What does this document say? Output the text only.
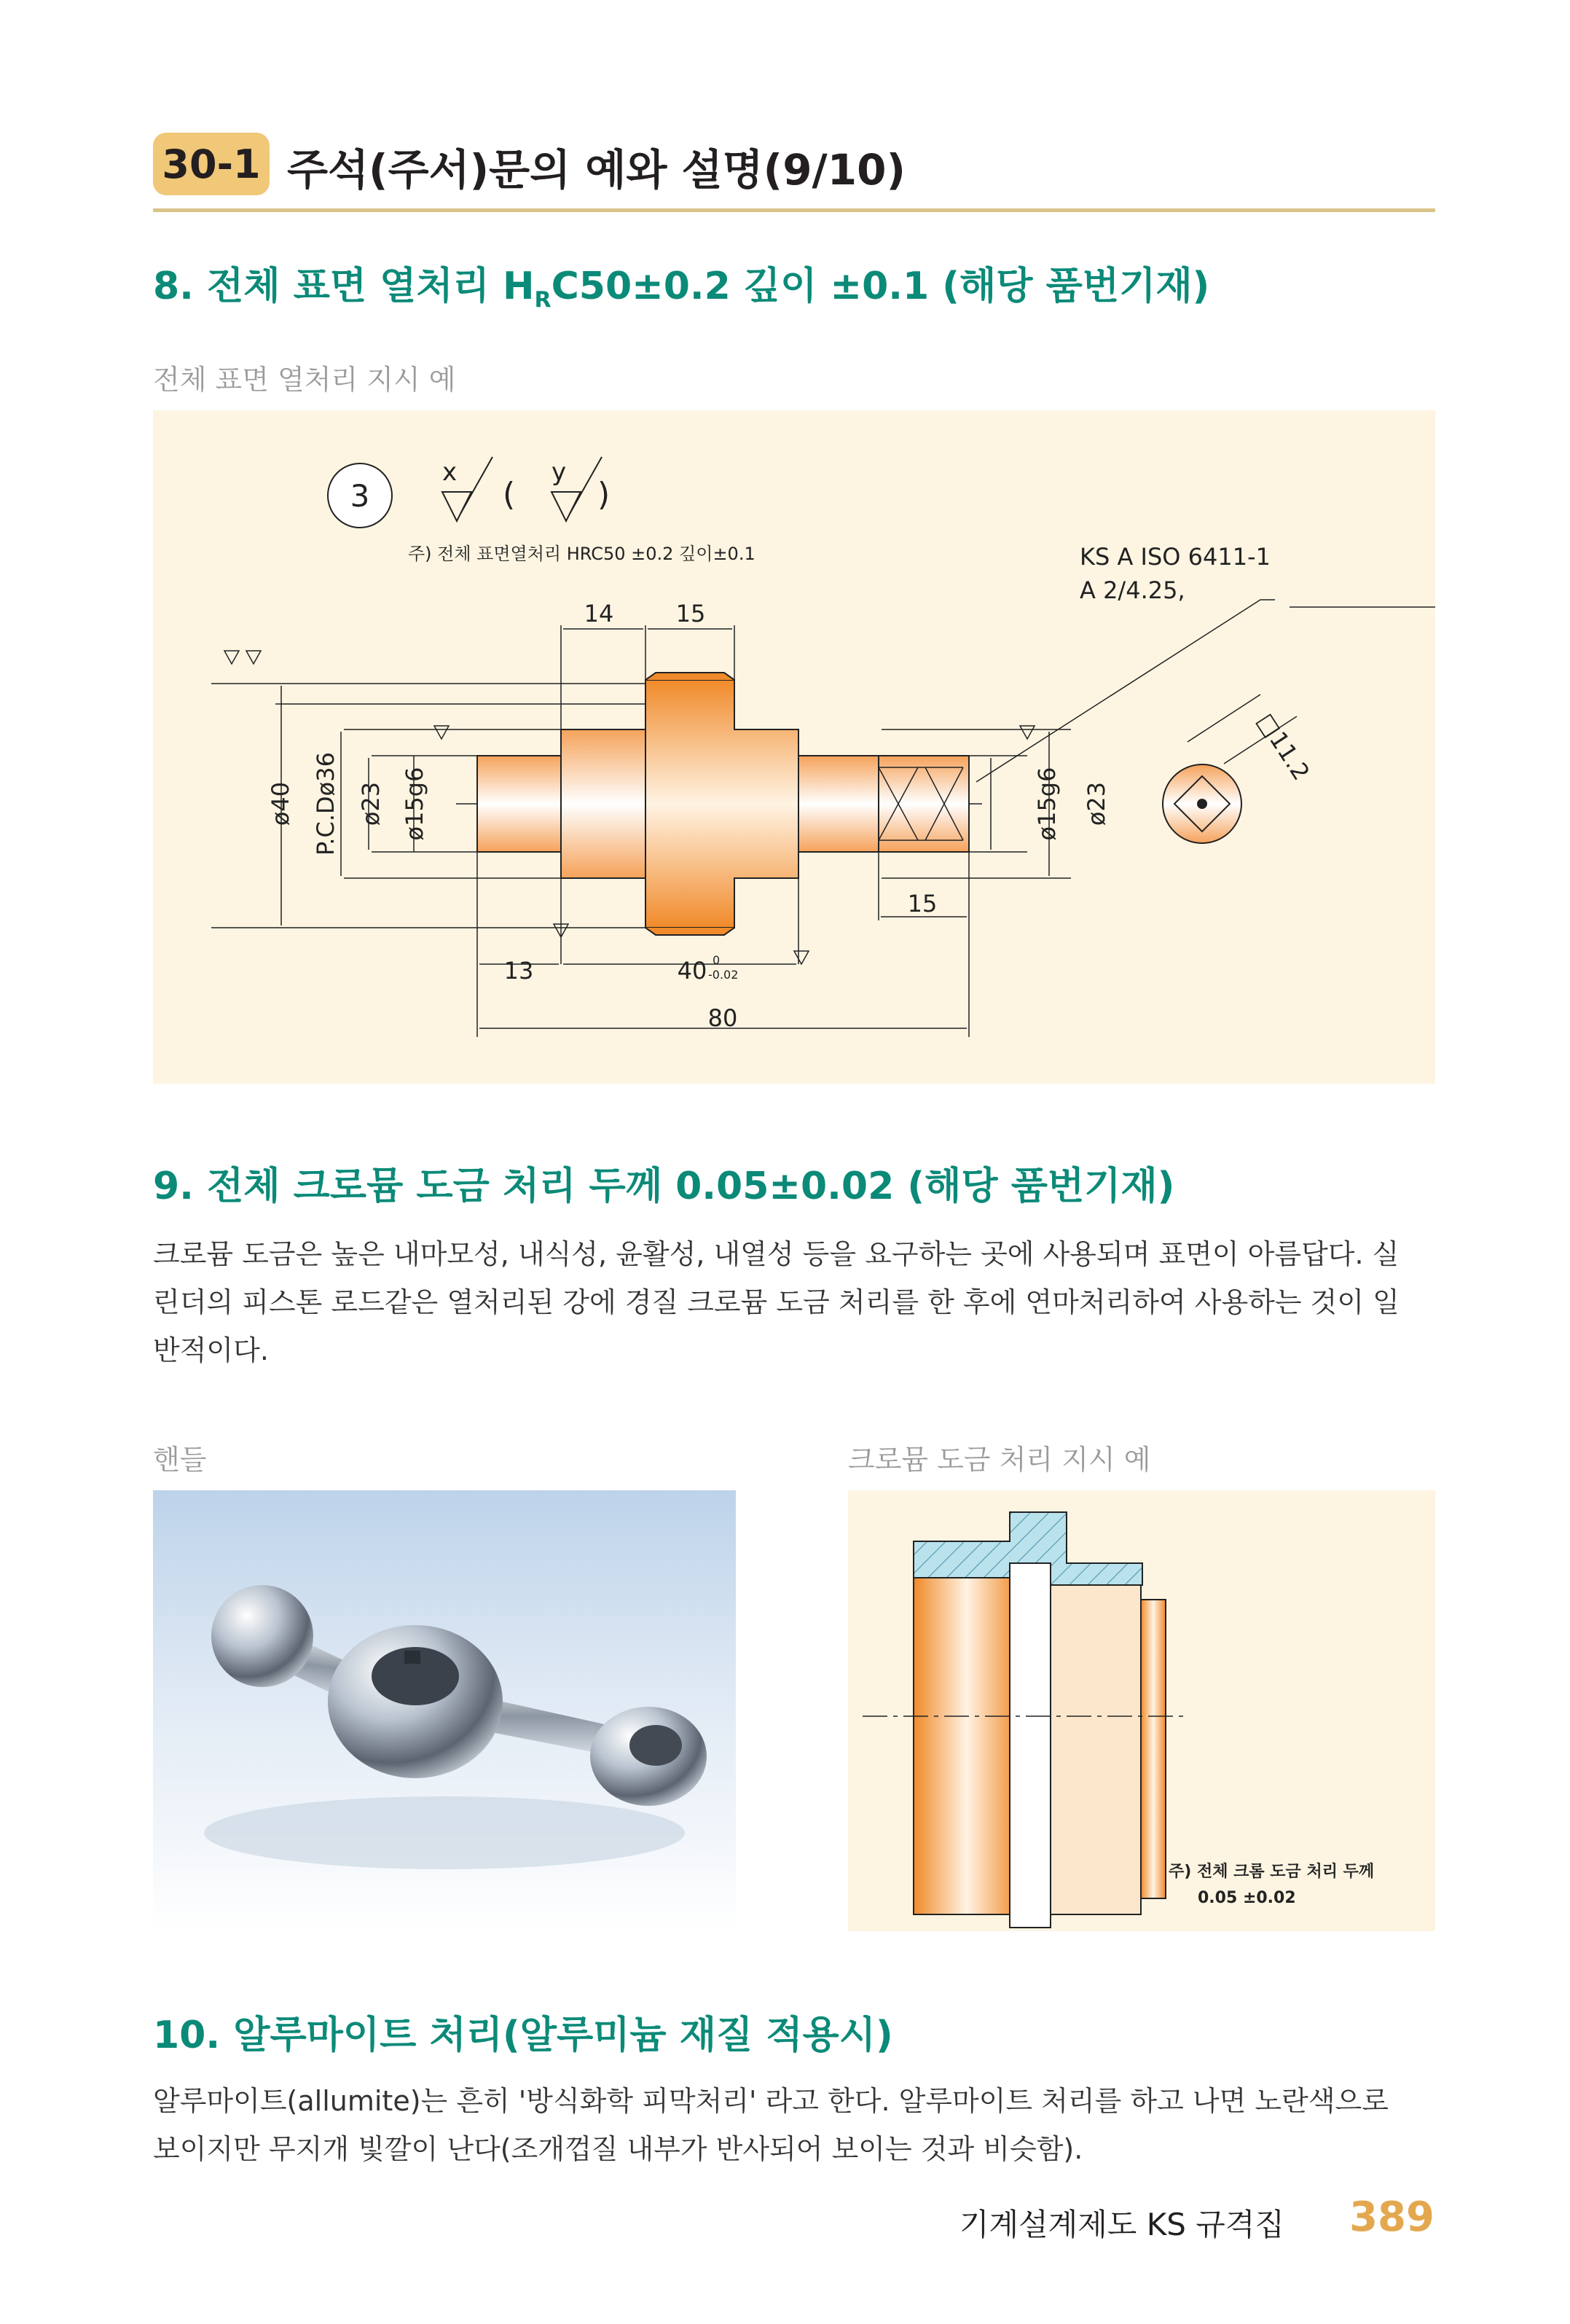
30-1 주석(주서)문의 예와 설명(9/10)
8. 전체 표면 열처리 $H_RC50\pm 0.2$ 깊이 ±0.1 (해당 품번기재)
전체 표면 열처리 지시 예
3
x
(
y
)
주) 전체 표면열처리 HRC50 ±0.2 깊이±0.1	KS A ISO 6411-1
A 2/4.25,
14	15
15
13	40 0
-0.02
80
ø40 P.C.Dø36 ø23 ø15g6	ø15g6 ø23
□11.2
9. 전체 크로뮴 도금 처리 두께 0.05±0.02 (해당 품번기재)
크로뮴 도금은 높은 내마모성, 내식성, 윤활성, 내열성 등을 요구하는 곳에 사용되며 표면이 아름답다. 실
린더의 피스톤 로드같은 열처리된 강에 경질 크로뮴 도금 처리를 한 후에 연마처리하여 사용하는 것이 일
반적이다.
핸들	크로뮴 도금 처리 지시 예
주) 전체 크롬 도금 처리 두께
0.05 ±0.02
10. 알루마이트 처리(알루미늄 재질 적용시)
알루마이트(allumite)는 흔히 '방식화학 피막처리' 라고 한다. 알루마이트 처리를 하고 나면 노란색으로
보이지만 무지개 빛깔이 난다(조개껍질 내부가 반사되어 보이는 것과 비슷함).
기계설계제도 KS 규격집 389
